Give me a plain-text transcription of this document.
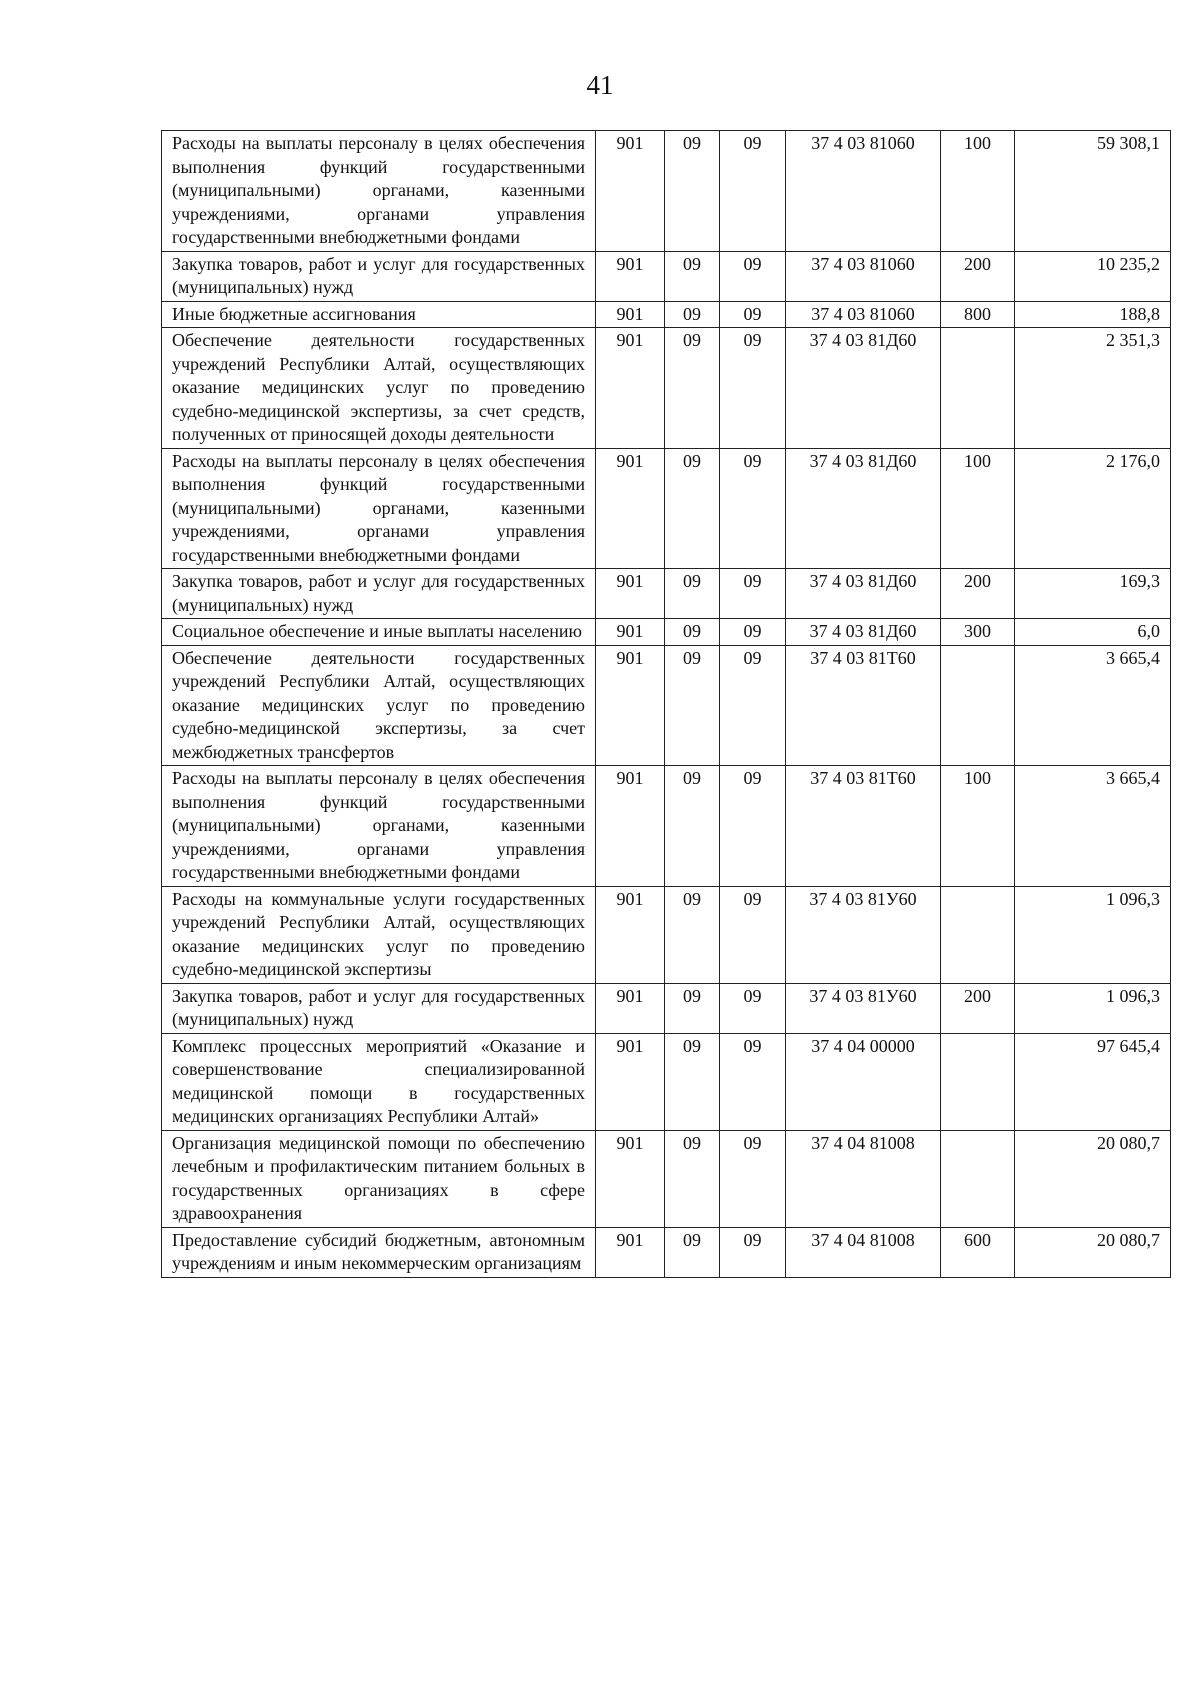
41
Расходы на выплаты персоналу в целях обеспечения выполнения функций государственными (муниципальными) органами, казенными учреждениями, органами управления государственными внебюджетными фондами	901	09	09	37 4 03 81060	100	59 308,1
Закупка товаров, работ и услуг для государственных (муниципальных) нужд	901	09	09	37 4 03 81060	200	10 235,2
Иные бюджетные ассигнования	901	09	09	37 4 03 81060	800	188,8
Обеспечение деятельности государственных учреждений Республики Алтай, осуществляющих оказание медицинских услуг по проведению судебно-медицинской экспертизы, за счет средств, полученных от приносящей доходы деятельности	901	09	09	37 4 03 81Д60		2 351,3
Расходы на выплаты персоналу в целях обеспечения выполнения функций государственными (муниципальными) органами, казенными учреждениями, органами управления государственными внебюджетными фондами	901	09	09	37 4 03 81Д60	100	2 176,0
Закупка товаров, работ и услуг для государственных (муниципальных) нужд	901	09	09	37 4 03 81Д60	200	169,3
Социальное обеспечение и иные выплаты населению	901	09	09	37 4 03 81Д60	300	6,0
Обеспечение деятельности государственных учреждений Республики Алтай, осуществляющих оказание медицинских услуг по проведению судебно-медицинской экспертизы, за счет межбюджетных трансфертов	901	09	09	37 4 03 81Т60		3 665,4
Расходы на выплаты персоналу в целях обеспечения выполнения функций государственными (муниципальными) органами, казенными учреждениями, органами управления государственными внебюджетными фондами	901	09	09	37 4 03 81Т60	100	3 665,4
Расходы на коммунальные услуги государственных учреждений Республики Алтай, осуществляющих оказание медицинских услуг по проведению судебно-медицинской экспертизы	901	09	09	37 4 03 81У60		1 096,3
Закупка товаров, работ и услуг для государственных (муниципальных) нужд	901	09	09	37 4 03 81У60	200	1 096,3
Комплекс процессных мероприятий «Оказание и совершенствование специализированной медицинской помощи в государственных медицинских организациях Республики Алтай»	901	09	09	37 4 04 00000		97 645,4
Организация медицинской помощи по обеспечению лечебным и профилактическим питанием больных в государственных организациях в сфере здравоохранения	901	09	09	37 4 04 81008		20 080,7
Предоставление субсидий бюджетным, автономным учреждениям и иным некоммерческим организациям	901	09	09	37 4 04 81008	600	20 080,7
